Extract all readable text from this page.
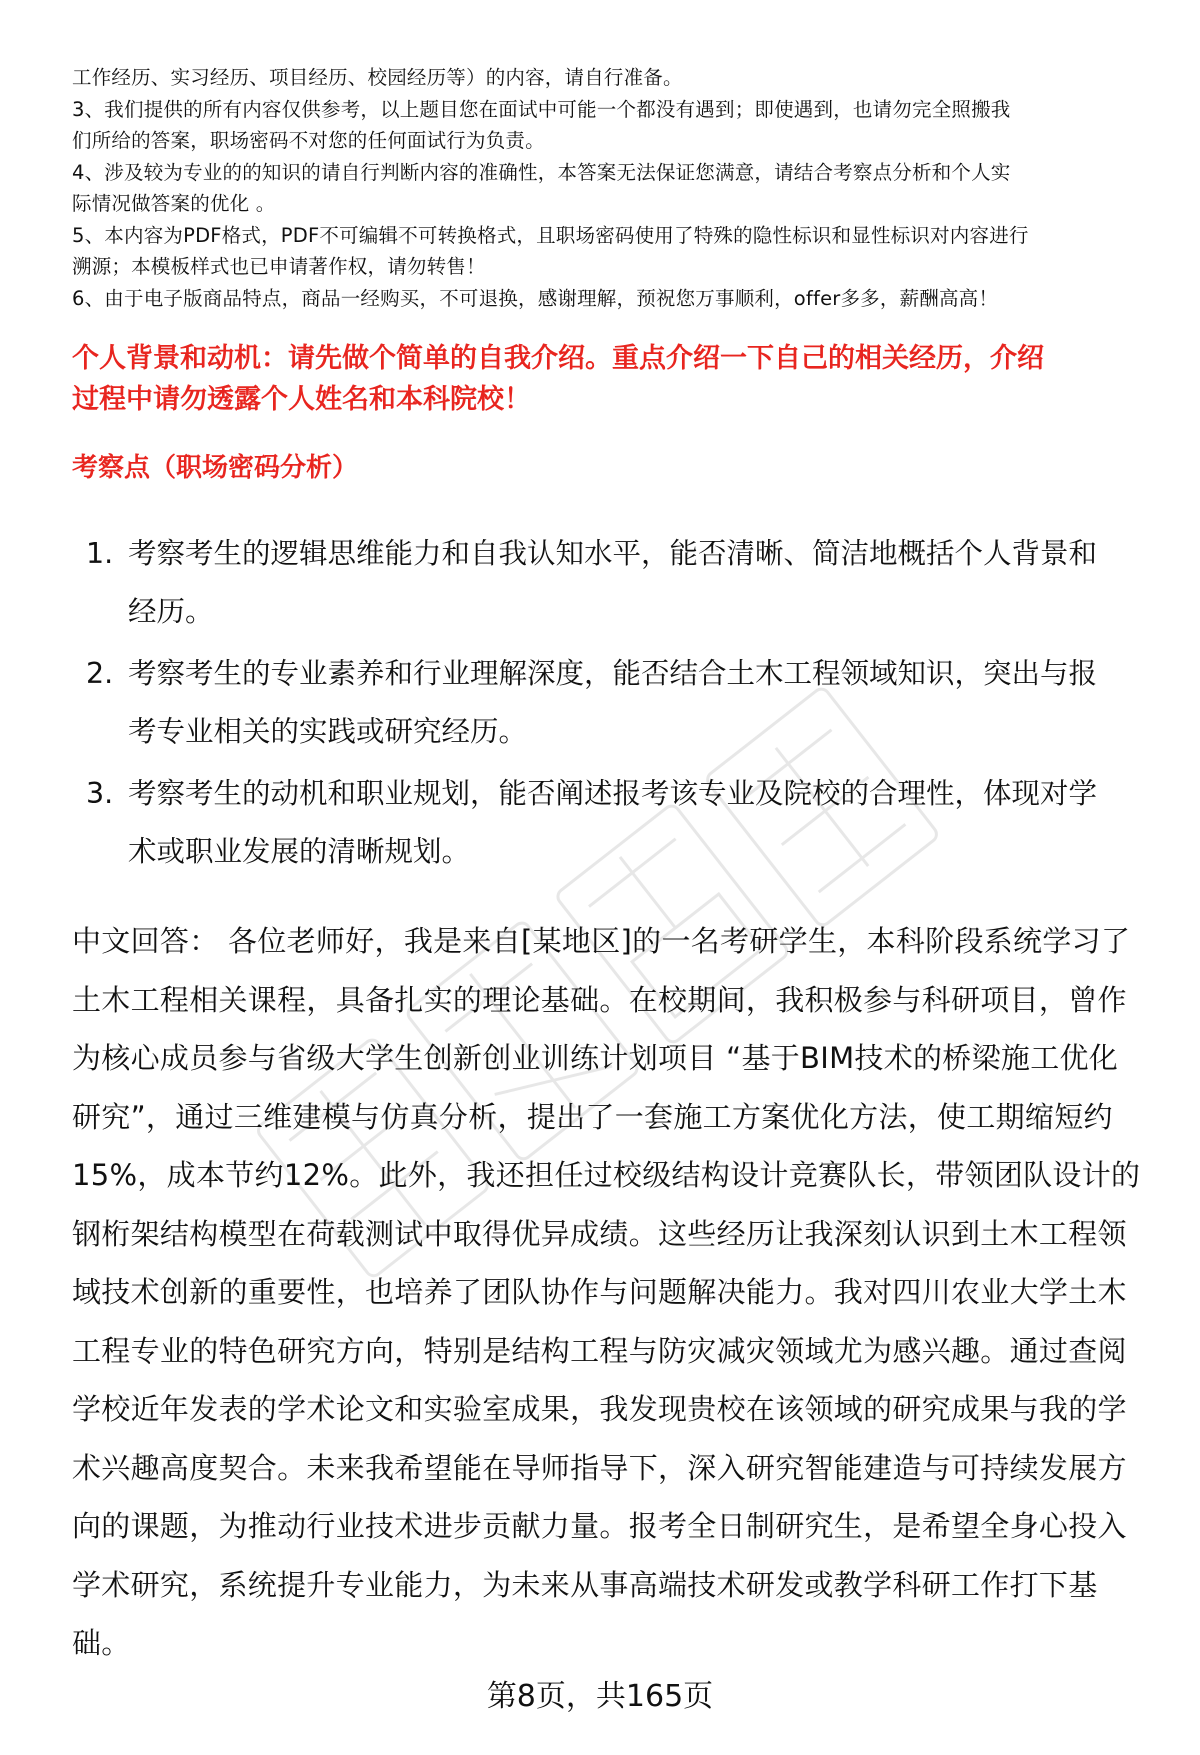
工作经历、实习经历、项目经历、校园经历等）的内容，请自行准备。

3、我们提供的所有内容仅供参考，以上题目您在面试中可能一个都没有遇到；即使遇到，也请勿完全照搬我

们所给的答案，职场密码不对您的任何面试行为负责。

4、涉及较为专业的的知识的请自行判断内容的准确性，本答案无法保证您满意，请结合考察点分析和个人实

际情况做答案的优化 。

5、本内容为PDF格式，PDF不可编辑不可转换格式，且职场密码使用了特殊的隐性标识和显性标识对内容进行

溯源；本模板样式也已申请著作权，请勿转售！

6、由于电子版商品特点，商品一经购买，不可退换，感谢理解，预祝您万事顺利，offer多多，薪酬高高！

个人背景和动机：请先做个简单的自我介绍。重点介绍一下自己的相关经历，介绍
过程中请勿透露个人姓名和本科院校！
考察点（职场密码分析）
1. 考察考生的逻辑思维能力和自我认知水平，能否清晰、简洁地概括个人背景和
经历。
2. 考察考生的专业素养和行业理解深度，能否结合土木工程领域知识，突出与报
考专业相关的实践或研究经历。
3. 考察考生的动机和职业规划，能否阐述报考该专业及院校的合理性，体现对学
术或职业发展的清晰规划。
中文回答： 各位老师好，我是来自[某地区]的一名考研学生，本科阶段系统学习了
土木工程相关课程，具备扎实的理论基础。在校期间，我积极参与科研项目，曾作
为核心成员参与省级大学生创新创业训练计划项目 “基于BIM技术的桥梁施工优化
研究”，通过三维建模与仿真分析，提出了一套施工方案优化方法，使工期缩短约
15%，成本节约12%。此外，我还担任过校级结构设计竞赛队长，带领团队设计的
钢桁架结构模型在荷载测试中取得优异成绩。这些经历让我深刻认识到土木工程领
域技术创新的重要性，也培养了团队协作与问题解决能力。我对四川农业大学土木
工程专业的特色研究方向，特别是结构工程与防灾减灾领域尤为感兴趣。通过查阅
学校近年发表的学术论文和实验室成果，我发现贵校在该领域的研究成果与我的学
术兴趣高度契合。未来我希望能在导师指导下，深入研究智能建造与可持续发展方
向的课题，为推动行业技术进步贡献力量。报考全日制研究生，是希望全身心投入
学术研究，系统提升专业能力，为未来从事高端技术研发或教学科研工作打下基
础。

第8页，共165页
